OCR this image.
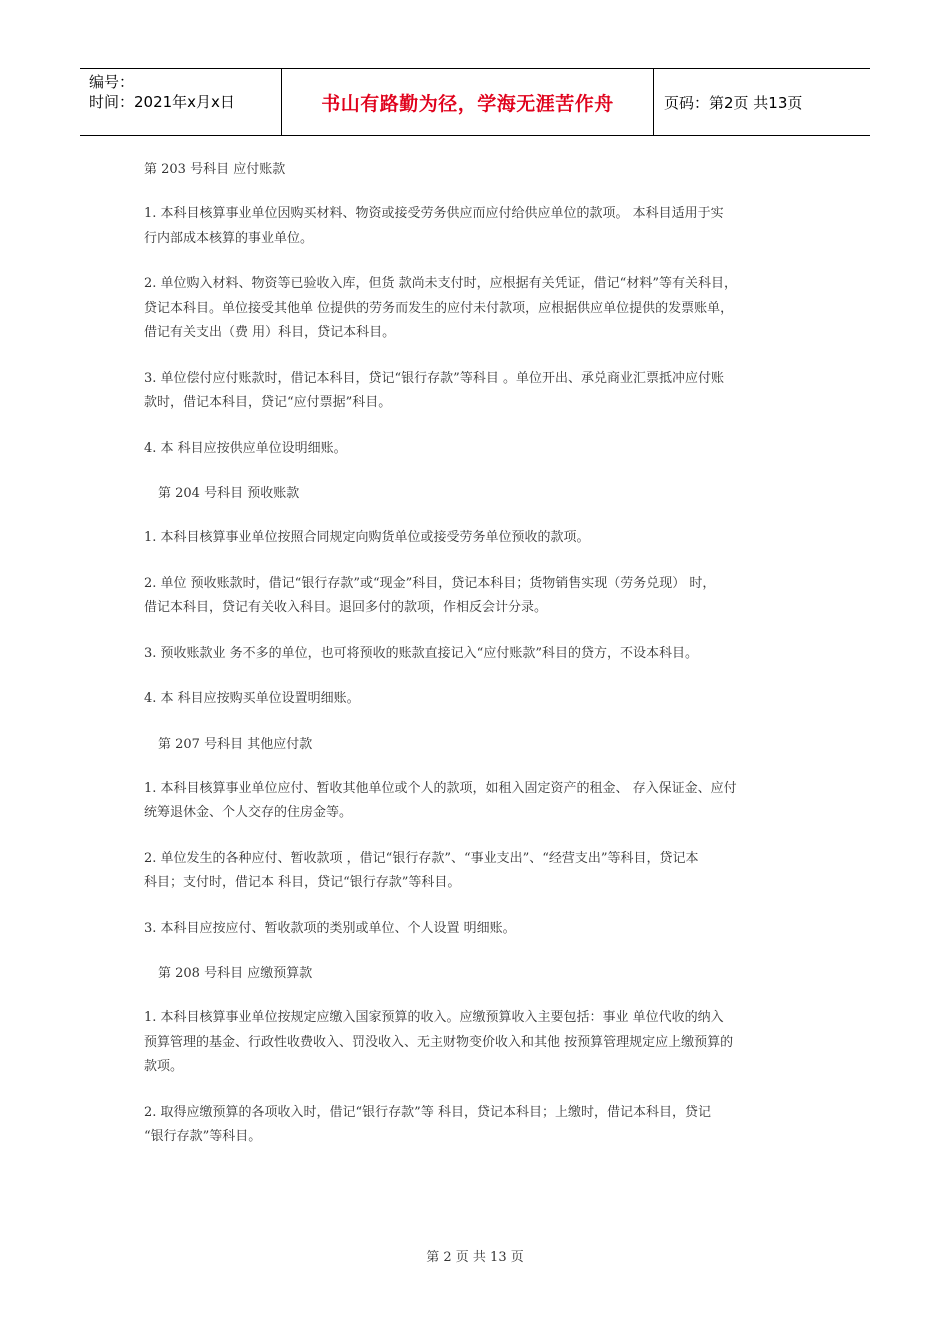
编号：
时间：2021年x月x日	书山有路勤为径，学海无涯苦作舟	页码：第2页 共13页
第 203 号科目 应付账款
1. 本科目核算事业单位因购买材料、物资或接受劳务供应而应付给供应单位的款项。 本科目适用于实
行内部成本核算的事业单位。
2. 单位购入材料、物资等已验收入库，但货 款尚未支付时，应根据有关凭证，借记“材料”等有关科目，
贷记本科目。单位接受其他单 位提供的劳务而发生的应付未付款项，应根据供应单位提供的发票账单，
借记有关支出（费 用）科目，贷记本科目。
3. 单位偿付应付账款时，借记本科目，贷记“银行存款”等科目 。单位开出、承兑商业汇票抵冲应付账
款时，借记本科目，贷记“应付票据”科目。
4. 本 科目应按供应单位设明细账。
第 204 号科目 预收账款
1. 本科目核算事业单位按照合同规定向购货单位或接受劳务单位预收的款项。
2. 单位 预收账款时，借记“银行存款”或“现金”科目，贷记本科目；货物销售实现（劳务兑现） 时，
借记本科目，贷记有关收入科目。退回多付的款项，作相反会计分录。
3. 预收账款业 务不多的单位，也可将预收的账款直接记入“应付账款”科目的贷方，不设本科目。
4. 本 科目应按购买单位设置明细账。
第 207 号科目 其他应付款
1. 本科目核算事业单位应付、暂收其他单位或个人的款项，如租入固定资产的租金、 存入保证金、应付
统筹退休金、个人交存的住房金等。
2. 单位发生的各种应付、暂收款项 ，借记“银行存款”、“事业支出”、“经营支出”等科目，贷记本
科目；支付时，借记本 科目，贷记“银行存款”等科目。
3. 本科目应按应付、暂收款项的类别或单位、个人设置 明细账。
第 208 号科目 应缴预算款
1. 本科目核算事业单位按规定应缴入国家预算的收入。应缴预算收入主要包括：事业 单位代收的纳入
预算管理的基金、行政性收费收入、罚没收入、无主财物变价收入和其他 按预算管理规定应上缴预算的
款项。
2. 取得应缴预算的各项收入时，借记“银行存款”等 科目，贷记本科目；上缴时，借记本科目，贷记
“银行存款”等科目。
第 2 页 共 13 页
